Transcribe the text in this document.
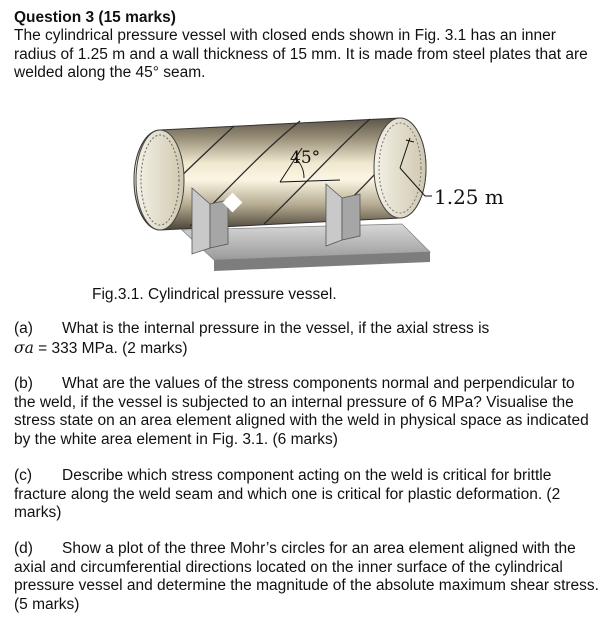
Question 3 (15 marks)
The cylindrical pressure vessel with closed ends shown in Fig. 3.1 has an inner radius of 1.25 m and a wall thickness of 15 mm. It is made from steel plates that are welded along the 45° seam.
45°
1.25 m
Fig.3.1. Cylindrical pressure vessel.
(a) What is the internal pressure in the vessel, if the axial stress is
σa = 333 MPa. (2 marks)
(b) What are the values of the stress components normal and perpendicular to the weld, if the vessel is subjected to an internal pressure of 6 MPa? Visualise the stress state on an area element aligned with the weld in physical space as indicated by the white area element in Fig. 3.1. (6 marks)
(c) Describe which stress component acting on the weld is critical for brittle fracture along the weld seam and which one is critical for plastic deformation. (2 marks)
(d) Show a plot of the three Mohr’s circles for an area element aligned with the axial and circumferential directions located on the inner surface of the cylindrical pressure vessel and determine the magnitude of the absolute maximum shear stress. (5 marks)
